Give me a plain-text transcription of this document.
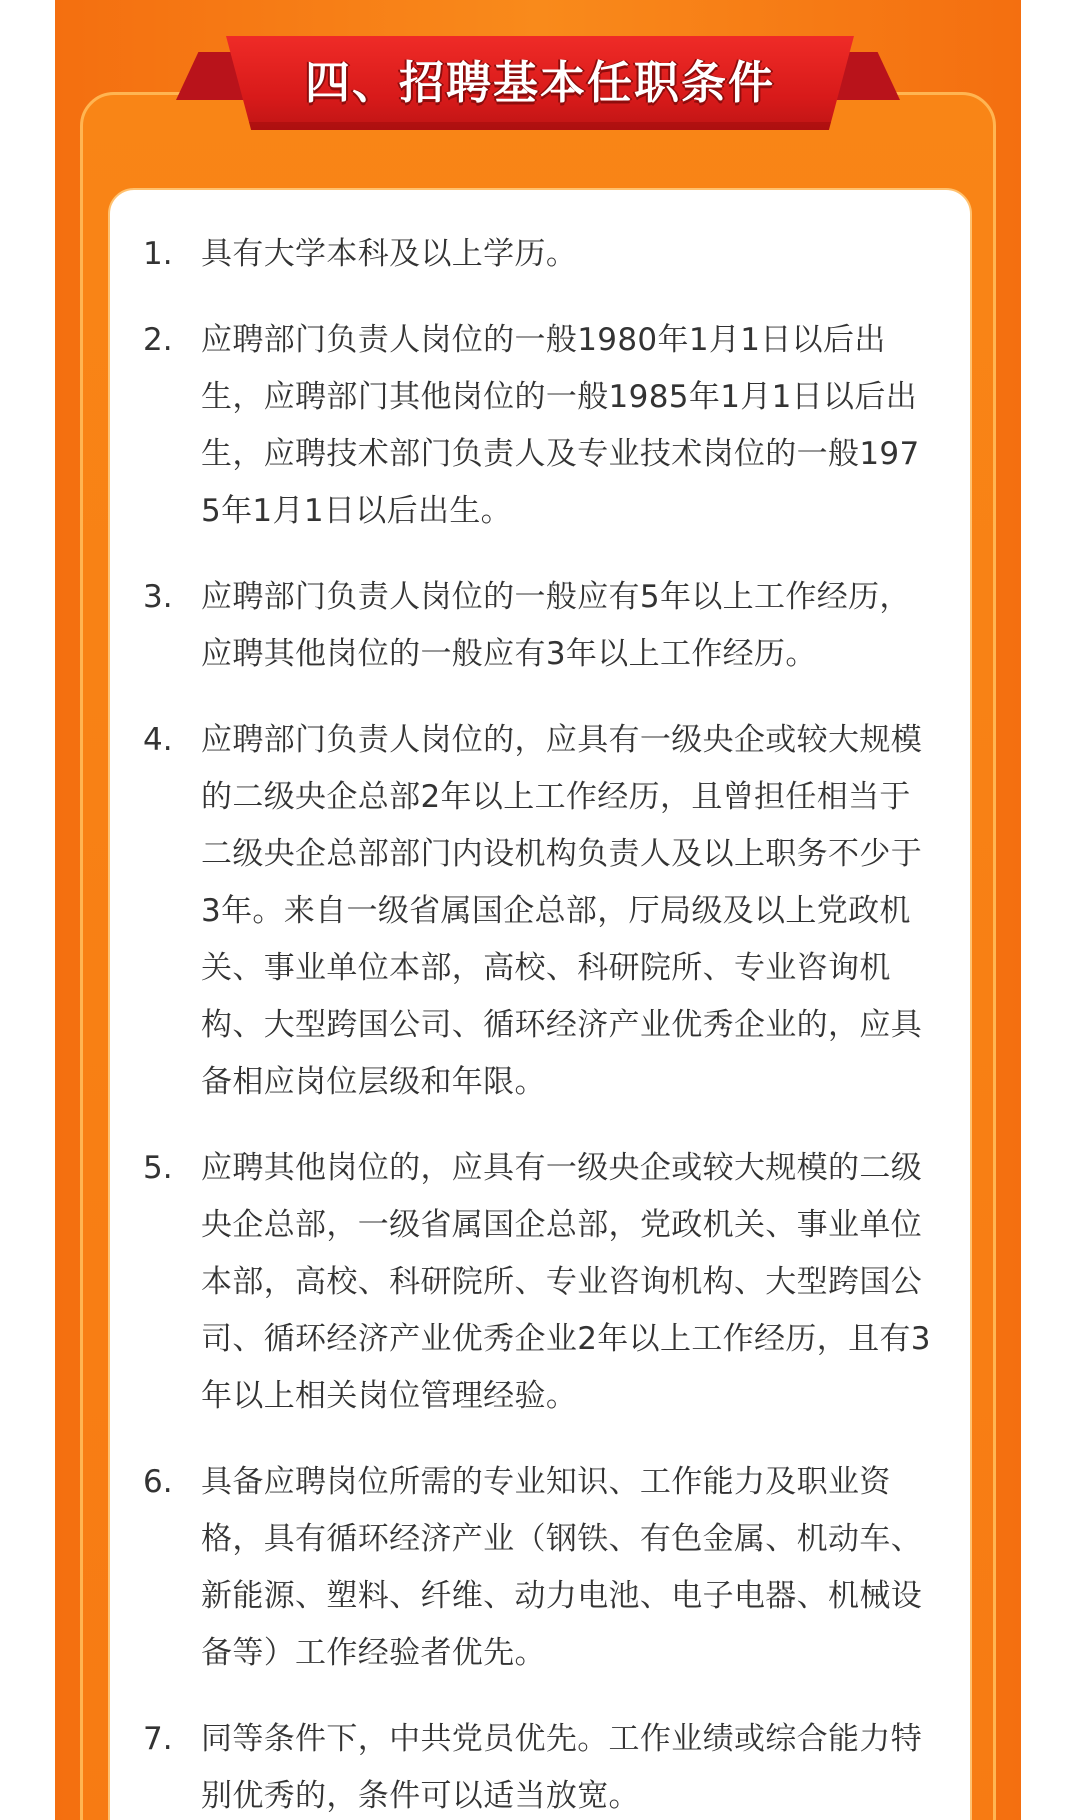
四、招聘基本任职条件
1. 具有大学本科及以上学历。
2. 应聘部门负责人岗位的一般1980年1月1日以后出生，应聘部门其他岗位的一般1985年1月1日以后出生，应聘技术部门负责人及专业技术岗位的一般1975年1月1日以后出生。
3. 应聘部门负责人岗位的一般应有5年以上工作经历，应聘其他岗位的一般应有3年以上工作经历。
4. 应聘部门负责人岗位的，应具有一级央企或较大规模的二级央企总部2年以上工作经历，且曾担任相当于二级央企总部部门内设机构负责人及以上职务不少于3年。来自一级省属国企总部，厅局级及以上党政机关、事业单位本部，高校、科研院所、专业咨询机构、大型跨国公司、循环经济产业优秀企业的，应具备相应岗位层级和年限。
5. 应聘其他岗位的，应具有一级央企或较大规模的二级央企总部，一级省属国企总部，党政机关、事业单位本部，高校、科研院所、专业咨询机构、大型跨国公司、循环经济产业优秀企业2年以上工作经历，且有3年以上相关岗位管理经验。
6. 具备应聘岗位所需的专业知识、工作能力及职业资格，具有循环经济产业（钢铁、有色金属、机动车、新能源、塑料、纤维、动力电池、电子电器、机械设备等）工作经验者优先。
7. 同等条件下，中共党员优先。工作业绩或综合能力特别优秀的，条件可以适当放宽。
